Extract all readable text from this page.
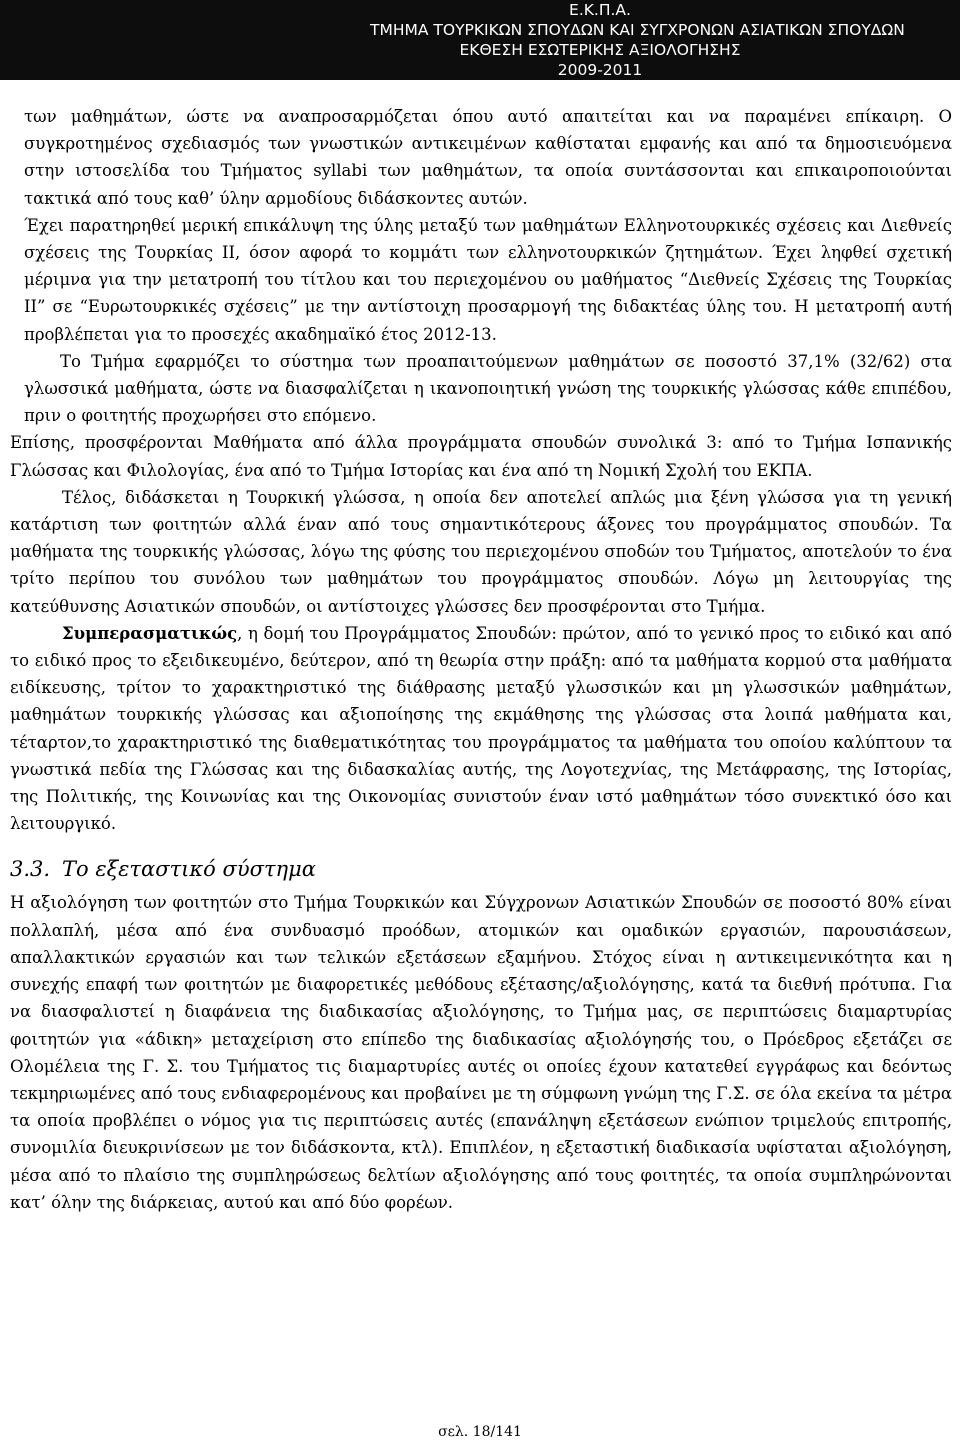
Ε.Κ.Π.Α.
ΤΜΗΜΑ ΤΟΥΡΚΙΚΩΝ ΣΠΟΥΔΩΝ ΚΑΙ ΣΥΓΧΡΟΝΩΝ ΑΣΙΑΤΙΚΩΝ ΣΠΟΥΔΩΝ
ΕΚΘΕΣΗ ΕΣΩΤΕΡΙΚΗΣ ΑΞΙΟΛΟΓΗΣΗΣ
2009-2011

των μαθημάτων, ώστε να αναπροσαρμόζεται όπου αυτό απαιτείται και να παραμένει επίκαιρη. Ο συγκροτημένος σχεδιασμός των γνωστικών αντικειμένων καθίσταται εμφανής και από τα δημοσιευόμενα στην ιστοσελίδα του Τμήματος syllabi των μαθημάτων, τα οποία συντάσσονται και επικαιροποιούνται τακτικά από τους καθ’ ύλην αρμοδίους διδάσκοντες αυτών.

Έχει παρατηρηθεί μερική επικάλυψη της ύλης μεταξύ των μαθημάτων Ελληνοτουρκικές σχέσεις και Διεθνείς σχέσεις της Τουρκίας ΙΙ, όσον αφορά το κομμάτι των ελληνοτουρκικών ζητημάτων. Έχει ληφθεί σχετική μέριμνα για την μετατροπή του τίτλου και του περιεχομένου ου μαθήματος “Διεθνείς Σχέσεις της Τουρκίας ΙΙ” σε “Ευρωτουρκικές σχέσεις” με την αντίστοιχη προσαρμογή της διδακτέας ύλης του. Η μετατροπή αυτή προβλέπεται για το προσεχές ακαδημαϊκό έτος 2012-13.

Το Τμήμα εφαρμόζει το σύστημα των προαπαιτούμενων μαθημάτων σε ποσοστό 37,1% (32/62) στα γλωσσικά μαθήματα, ώστε να διασφαλίζεται η ικανοποιητική γνώση της τουρκικής γλώσσας κάθε επιπέδου, πριν ο φοιτητής προχωρήσει στο επόμενο.

Επίσης, προσφέρονται Μαθήματα από άλλα προγράμματα σπουδών συνολικά 3: από το Τμήμα Ισπανικής Γλώσσας και Φιλολογίας, ένα από το Τμήμα Ιστορίας και ένα από τη Νομική Σχολή του ΕΚΠΑ.

Τέλος, διδάσκεται η Τουρκική γλώσσα, η οποία δεν αποτελεί απλώς μια ξένη γλώσσα για τη γενική κατάρτιση των φοιτητών αλλά έναν από τους σημαντικότερους άξονες του προγράμματος σπουδών. Τα μαθήματα της τουρκικής γλώσσας, λόγω της φύσης του περιεχομένου σποδών του Τμήματος, αποτελούν το ένα τρίτο περίπου του συνόλου των μαθημάτων του προγράμματος σπουδών. Λόγω μη λειτουργίας της κατεύθυνσης Ασιατικών σπουδών, οι αντίστοιχες γλώσσες δεν προσφέρονται στο Τμήμα.

Συμπερασματικώς, η δομή του Προγράμματος Σπουδών: πρώτον, από το γενικό προς το ειδικό και από το ειδικό προς το εξειδικευμένο, δεύτερον, από τη θεωρία στην πράξη: από τα μαθήματα κορμού στα μαθήματα ειδίκευσης, τρίτον το χαρακτηριστικό της διάθρασης μεταξύ γλωσσικών και μη γλωσσικών μαθημάτων, μαθημάτων τουρκικής γλώσσας και αξιοποίησης της εκμάθησης της γλώσσας στα λοιπά μαθήματα και, τέταρτον,το χαρακτηριστικό της διαθεματικότητας του προγράμματος τα μαθήματα του οποίου καλύπτουν τα γνωστικά πεδία της Γλώσσας και της διδασκαλίας αυτής, της Λογοτεχνίας, της Μετάφρασης, της Ιστορίας, της Πολιτικής, της Κοινωνίας και της Οικονομίας συνιστούν έναν ιστό μαθημάτων τόσο συνεκτικό όσο και λειτουργικό.

3.3. Το εξεταστικό σύστημα

Η αξιολόγηση των φοιτητών στο Τμήμα Τουρκικών και Σύγχρονων Ασιατικών Σπουδών σε ποσοστό 80% είναι πολλαπλή, μέσα από ένα συνδυασμό προόδων, ατομικών και ομαδικών εργασιών, παρουσιάσεων, απαλλακτικών εργασιών και των τελικών εξετάσεων εξαμήνου. Στόχος είναι η αντικειμενικότητα και η συνεχής επαφή των φοιτητών με διαφορετικές μεθόδους εξέτασης/αξιολόγησης, κατά τα διεθνή πρότυπα. Για να διασφαλιστεί η διαφάνεια της διαδικασίας αξιολόγησης, το Τμήμα μας, σε περιπτώσεις διαμαρτυρίας φοιτητών για «άδικη» μεταχείριση στο επίπεδο της διαδικασίας αξιολόγησής του, ο Πρόεδρος εξετάζει σε Ολομέλεια της Γ. Σ. του Τμήματος τις διαμαρτυρίες αυτές οι οποίες έχουν κατατεθεί εγγράφως και δεόντως τεκμηριωμένες από τους ενδιαφερομένους και προβαίνει με τη σύμφωνη γνώμη της Γ.Σ. σε όλα εκείνα τα μέτρα τα οποία προβλέπει ο νόμος για τις περιπτώσεις αυτές (επανάληψη εξετάσεων ενώπιον τριμελούς επιτροπής, συνομιλία διευκρινίσεων με τον διδάσκοντα, κτλ). Επιπλέον, η εξεταστική διαδικασία υφίσταται αξιολόγηση, μέσα από το πλαίσιο της συμπληρώσεως δελτίων αξιολόγησης από τους φοιτητές, τα οποία συμπληρώνονται κατ’ όλην της διάρκειας, αυτού και από δύο φορέων.

σελ. 18/141
